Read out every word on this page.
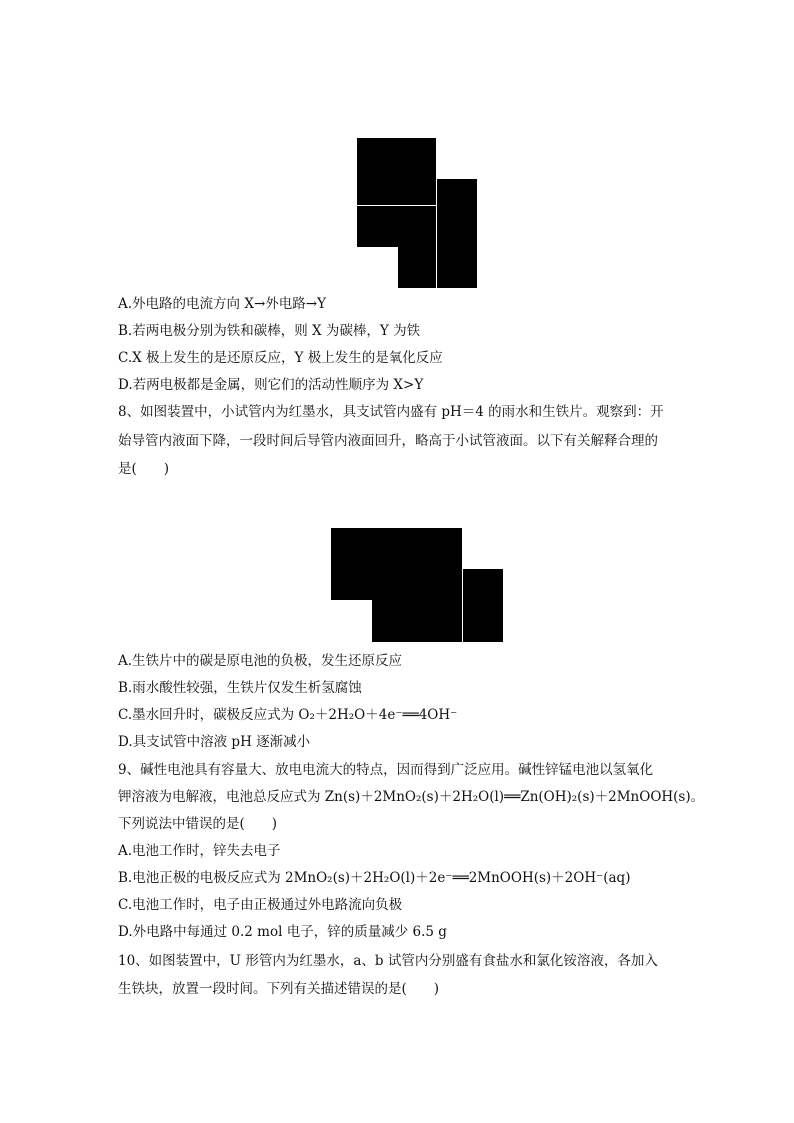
A.外电路的电流方向 X→外电路→Y
B.若两电极分别为铁和碳棒，则 X 为碳棒，Y 为铁
C.X 极上发生的是还原反应，Y 极上发生的是氧化反应
D.若两电极都是金属，则它们的活动性顺序为 X>Y
8、如图装置中，小试管内为红墨水，具支试管内盛有 pH＝4 的雨水和生铁片。观察到：开
始导管内液面下降，一段时间后导管内液面回升，略高于小试管液面。以下有关解释合理的
是(　　)
A.生铁片中的碳是原电池的负极，发生还原反应
B.雨水酸性较强，生铁片仅发生析氢腐蚀
C.墨水回升时，碳极反应式为 O₂＋2H₂O＋4e⁻══4OH⁻
D.具支试管中溶液 pH 逐渐减小
9、碱性电池具有容量大、放电电流大的特点，因而得到广泛应用。碱性锌锰电池以氢氧化
钾溶液为电解液，电池总反应式为 Zn(s)＋2MnO₂(s)＋2H₂O(l)══Zn(OH)₂(s)＋2MnOOH(s)。
下列说法中错误的是(　　)
A.电池工作时，锌失去电子
B.电池正极的电极反应式为 2MnO₂(s)＋2H₂O(l)＋2e⁻══2MnOOH(s)＋2OH⁻(aq)
C.电池工作时，电子由正极通过外电路流向负极
D.外电路中每通过 0.2 mol 电子，锌的质量减少 6.5 g
10、如图装置中，U 形管内为红墨水，a、b 试管内分别盛有食盐水和氯化铵溶液，各加入
生铁块，放置一段时间。下列有关描述错误的是(　　)
